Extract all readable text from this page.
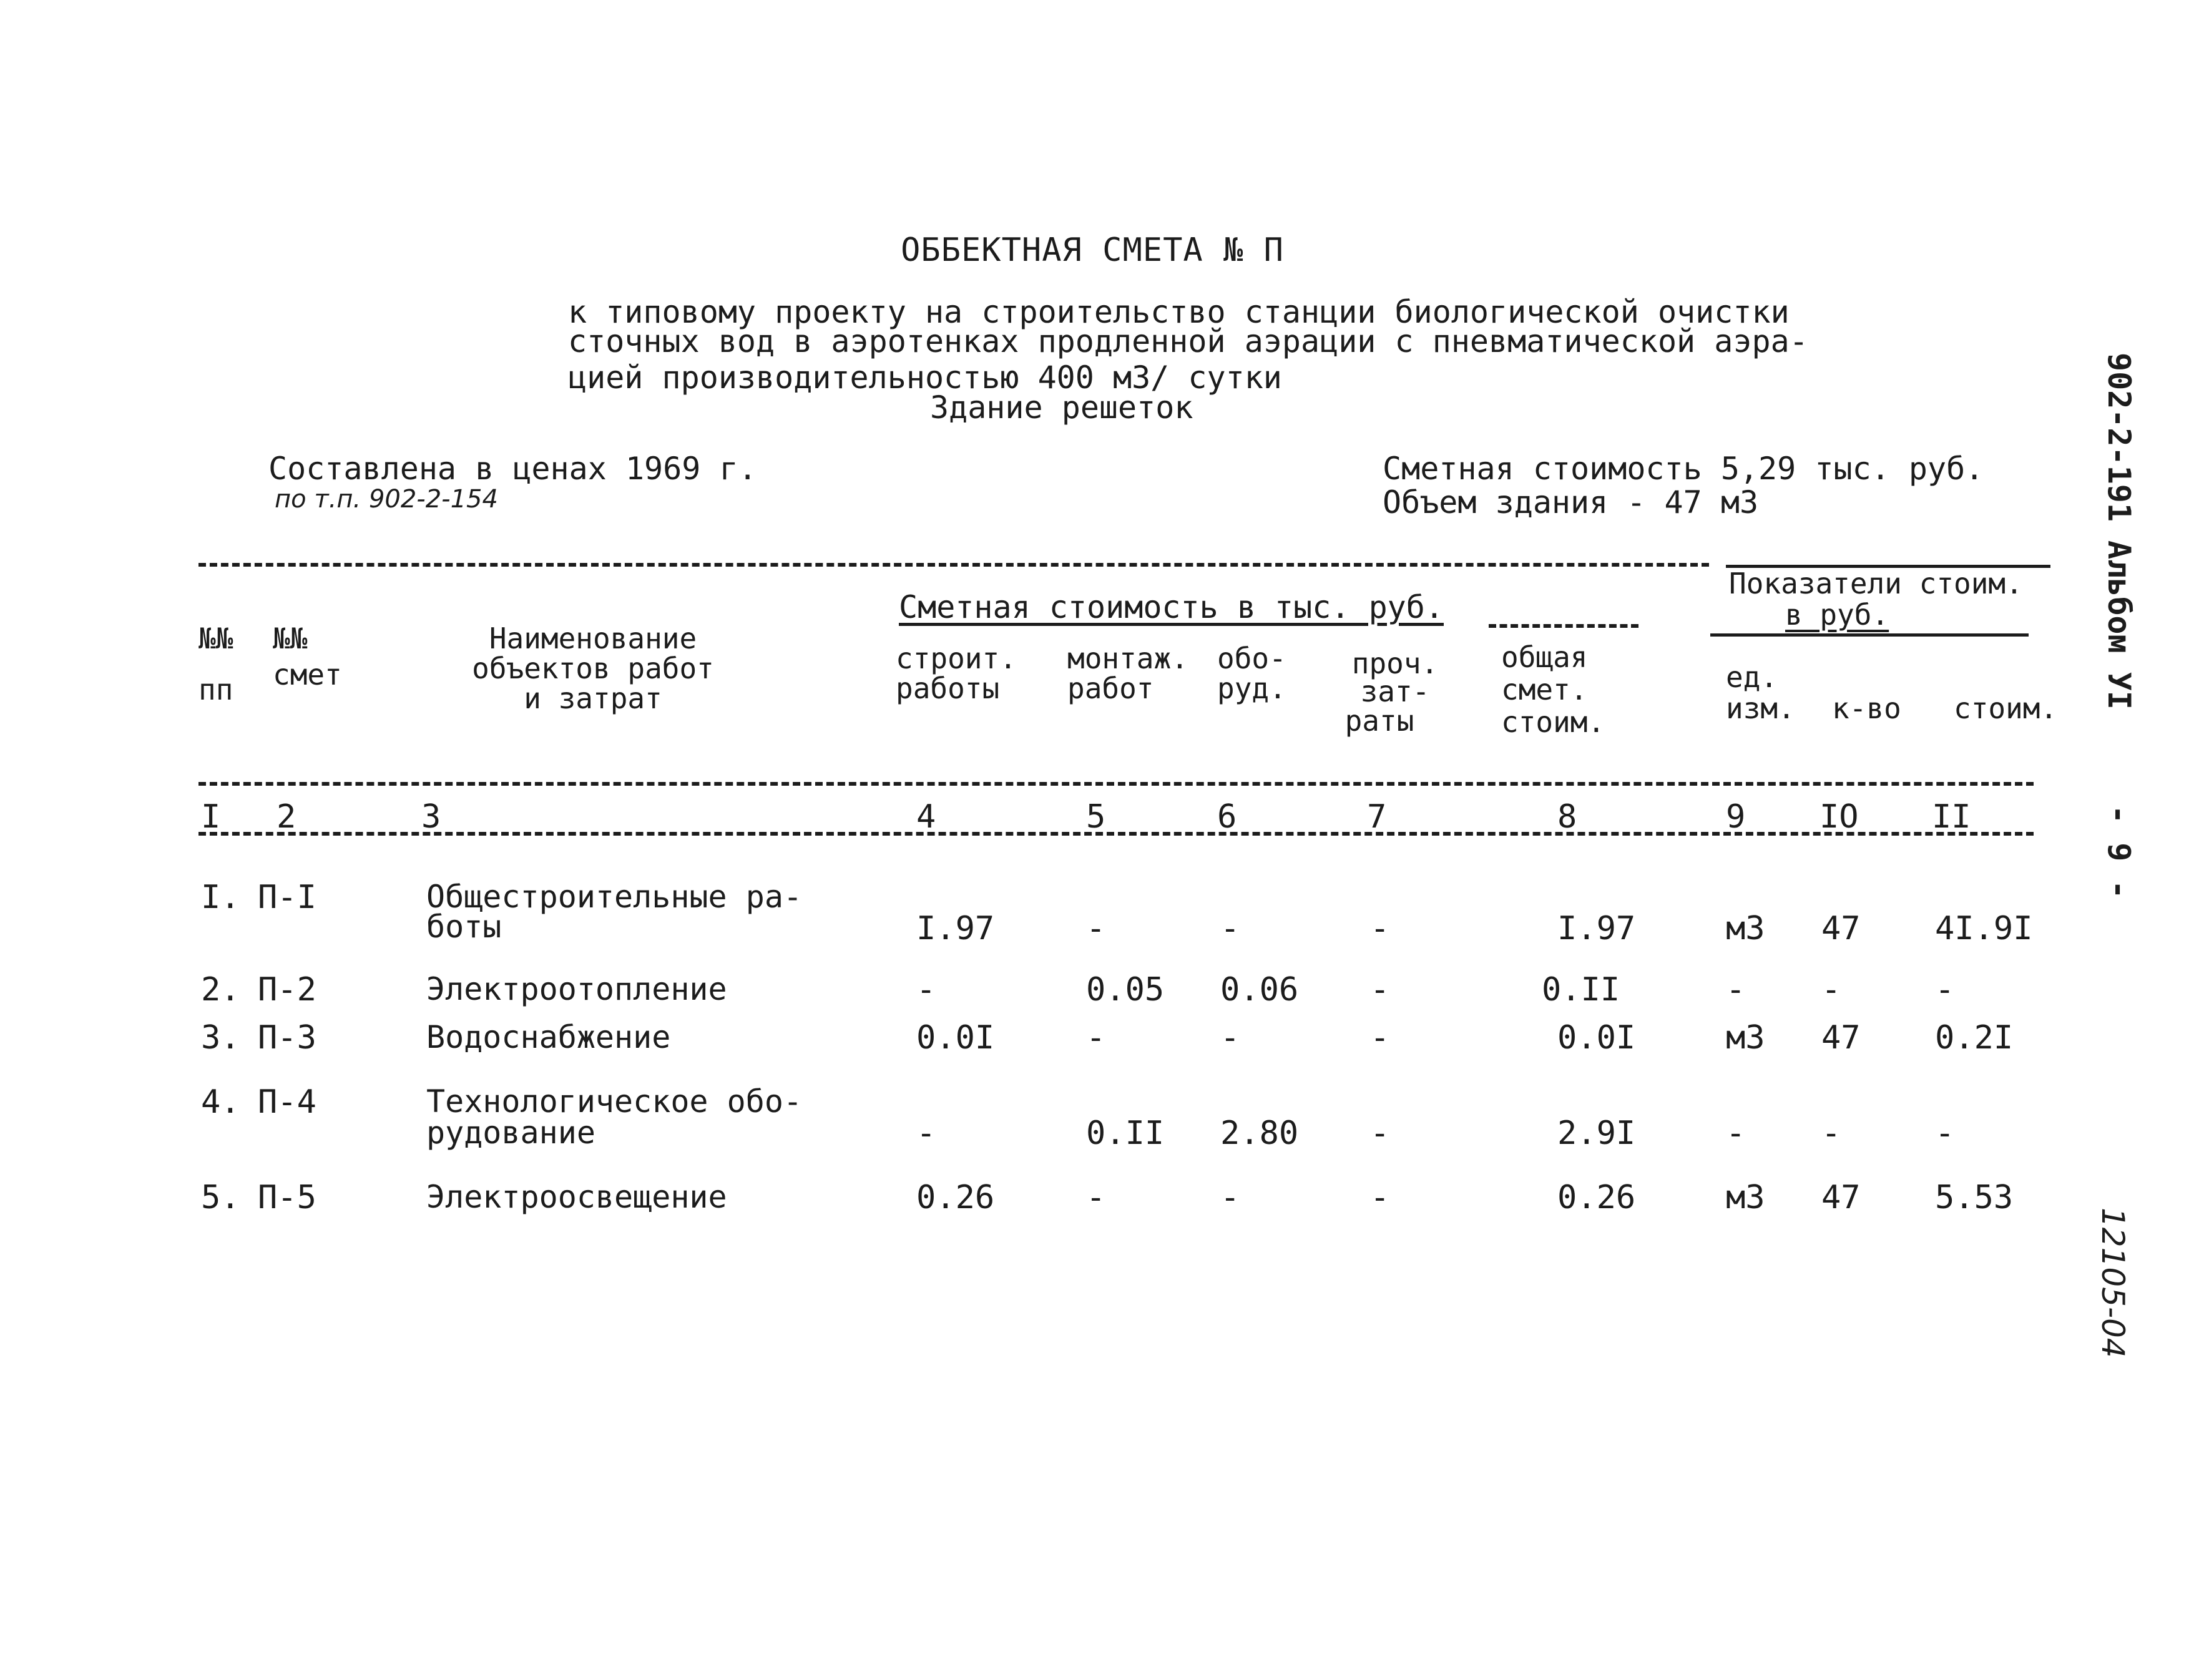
ОББЕКТНАЯ СМЕТА № П
к типовому проекту на строительство станции биологической очистки
сточных вод в аэротенках продленной аэрации с пневматической аэра-
цией производительностью 400 м3/ сутки
Здание решеток
Составлена в ценах 1969 г.
по т.п. 902-2-154
Сметная стоимость 5,29 тыс. руб.
Объем здания - 47 м3	902-2-191 Альбом УI
- 9 -
12105-04
№№
пп
№№
смет
Наименование
объектов работ
и затрат
Сметная стоимость в тыс. руб.
строит.
работы
монтаж.
работ
обо-
руд.
проч.
зат-
раты
общая
смет.
стоим.
Показатели стоим.
в руб.
ед.
изм. к-во стоим.
I 2	3	4	5	6	7	8	9 IO II
I. П-I	Общестроительные ра-
боты	I.97	-	-	-	I.97	м3 47 4I.9I
2. П-2	Электроотопление	-	0.05 0.06 -	0.II	- -	-
3. П-3	Водоснабжение	0.0I	-	-	-	0.0I	м3 47 0.2I
4. П-4	Технологическое обо-
рудование	-	0.II 2.80 -	2.9I	- -	-
5. П-5	Электроосвещение	0.26	-	-	-	0.26	м3 47 5.53
